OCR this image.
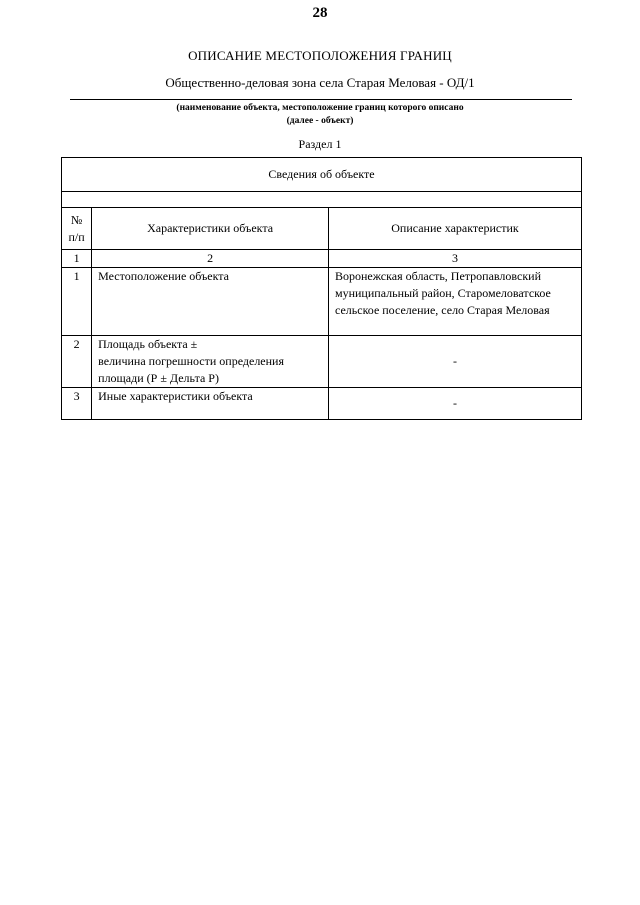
28
ОПИСАНИЕ МЕСТОПОЛОЖЕНИЯ ГРАНИЦ
Общественно-деловая зона села Старая Меловая - ОД/1
(наименование объекта, местоположение границ которого описано
(далее - объект)
Раздел 1
Сведения об объекте		

№
п/п	Характеристики объекта	Описание характеристик
1	2	3
1	Местоположение объекта	Воронежская область, Петропавловский
муниципальный район, Старомеловатское
сельское поселение, село Старая Меловая

2	Площадь объекта ±
величина погрешности определения
площади (Р ± Дельта Р)	-
3	Иные характеристики объекта	-
